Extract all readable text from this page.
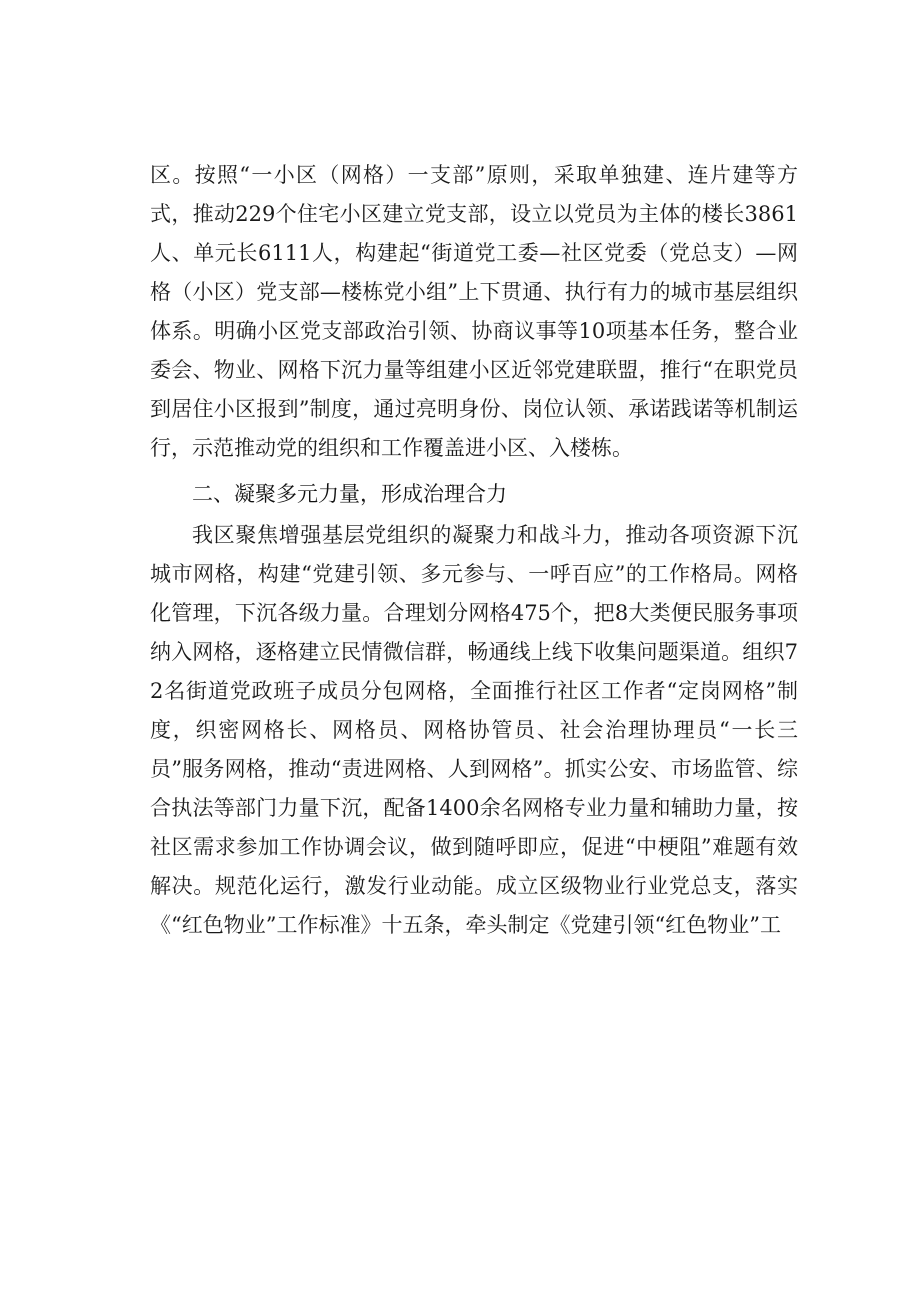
区。按照“一小区（网格）一支部”原则，采取单独建、连片建等方式，推动229个住宅小区建立党支部，设立以党员为主体的楼长3861人、单元长6111人，构建起“街道党工委—社区党委（党总支）—网格（小区）党支部—楼栋党小组”上下贯通、执行有力的城市基层组织体系。明确小区党支部政治引领、协商议事等10项基本任务，整合业委会、物业、网格下沉力量等组建小区近邻党建联盟，推行“在职党员到居住小区报到”制度，通过亮明身份、岗位认领、承诺践诺等机制运行，示范推动党的组织和工作覆盖进小区、入楼栋。

二、凝聚多元力量，形成治理合力

我区聚焦增强基层党组织的凝聚力和战斗力，推动各项资源下沉城市网格，构建“党建引领、多元参与、一呼百应”的工作格局。网格化管理，下沉各级力量。合理划分网格475个，把8大类便民服务事项纳入网格，逐格建立民情微信群，畅通线上线下收集问题渠道。组织72名街道党政班子成员分包网格，全面推行社区工作者“定岗网格”制度，织密网格长、网格员、网格协管员、社会治理协理员“一长三员”服务网格，推动“责进网格、人到网格”。抓实公安、市场监管、综合执法等部门力量下沉，配备1400余名网格专业力量和辅助力量，按社区需求参加工作协调会议，做到随呼即应，促进“中梗阻”难题有效解决。规范化运行，激发行业动能。成立区级物业行业党总支，落实《“红色物业”工作标准》十五条，牵头制定《党建引领“红色物业”工
